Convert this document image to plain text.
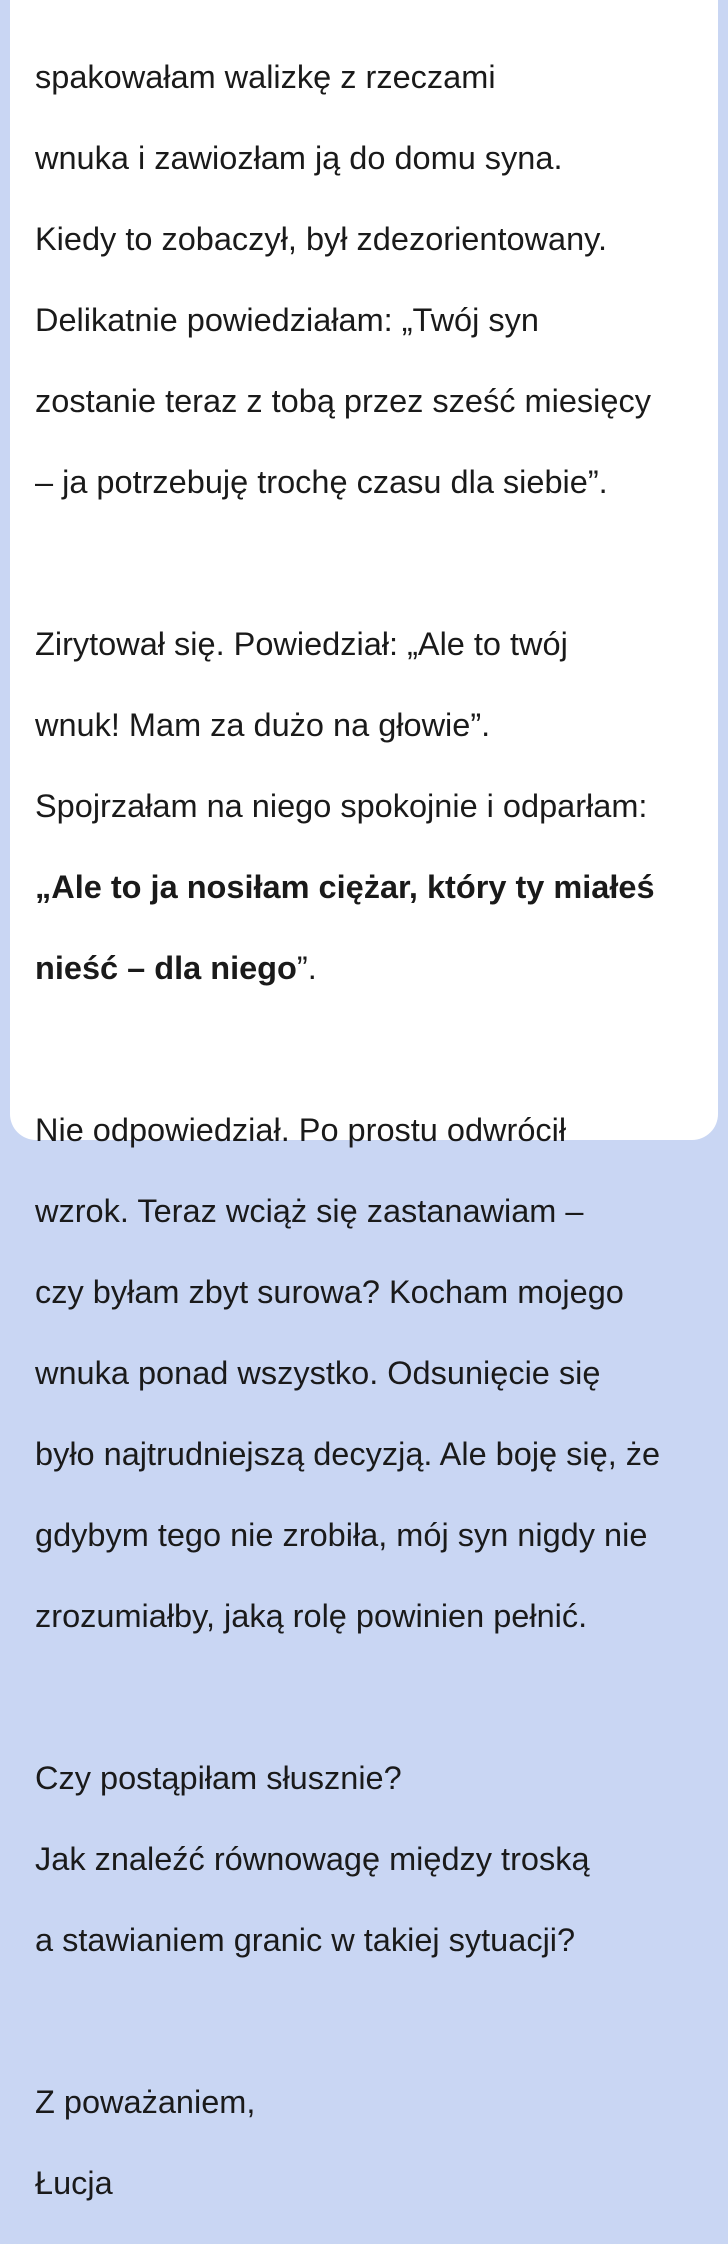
spakowałam walizkę z rzeczami

wnuka i zawiozłam ją do domu syna.

Kiedy to zobaczył, był zdezorientowany.

Delikatnie powiedziałam: „Twój syn

zostanie teraz z tobą przez sześć miesięcy

– ja potrzebuję trochę czasu dla siebie”.

Zirytował się. Powiedział: „Ale to twój

wnuk! Mam za dużo na głowie”.

Spojrzałam na niego spokojnie i odparłam:

„Ale to ja nosiłam ciężar, który ty miałeś

nieść – dla niego”.

Nie odpowiedział. Po prostu odwrócił

wzrok. Teraz wciąż się zastanawiam –

czy byłam zbyt surowa? Kocham mojego

wnuka ponad wszystko. Odsunięcie się

było najtrudniejszą decyzją. Ale boję się, że

gdybym tego nie zrobiła, mój syn nigdy nie

zrozumiałby, jaką rolę powinien pełnić.

Czy postąpiłam słusznie?

Jak znaleźć równowagę między troską

a stawianiem granic w takiej sytuacji?

Z poważaniem,

Łucja
